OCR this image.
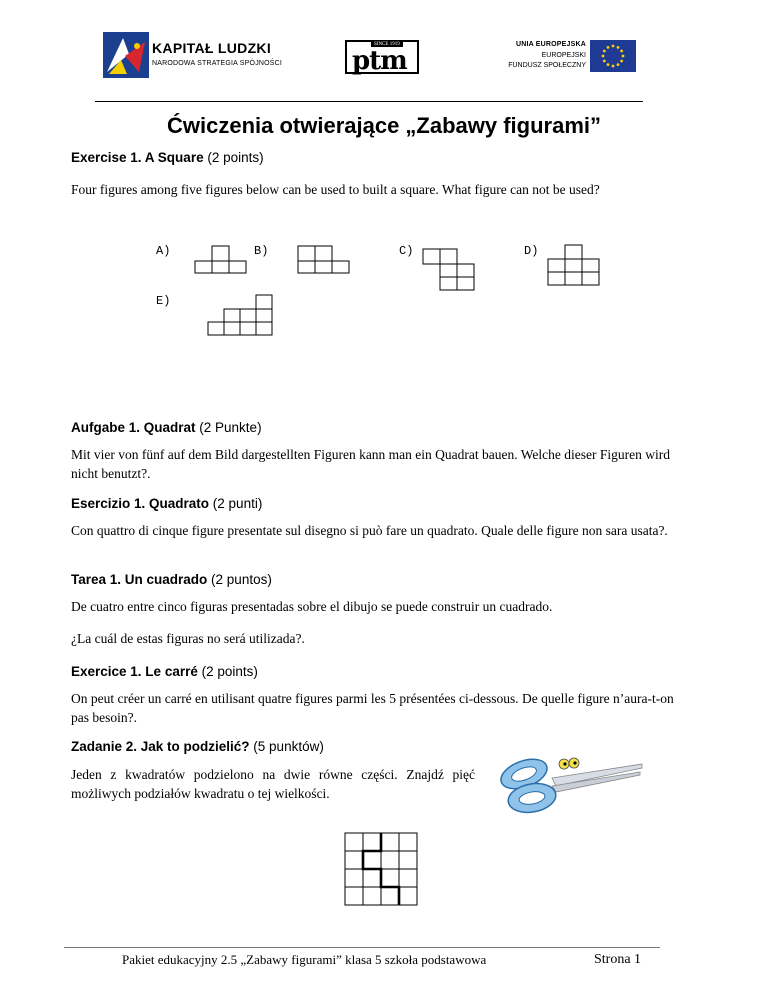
KAPITAŁ LUDZKI
NARODOWA STRATEGIA SPÓJNOŚCI
SINCE 1919
ptm
UNIA EUROPEJSKA
EUROPEJSKI
FUNDUSZ SPOŁECZNY
Ćwiczenia otwierające „Zabawy figurami”
Exercise 1. A Square (2 points)
Four figures among five figures below can be used to built a square. What figure can not be used?
A)	B)	C)	D)
E)
Aufgabe 1. Quadrat (2 Punkte)
Mit vier von fünf auf dem Bild dargestellten Figuren kann man ein Quadrat bauen. Welche dieser Figuren wird nicht benutzt?.
Esercizio 1. Quadrato (2 punti)
Con quattro di cinque figure presentate sul disegno si può fare un quadrato. Quale delle figure non sara usata?.
Tarea 1. Un cuadrado (2 puntos)
De cuatro entre cinco figuras presentadas sobre el dibujo se puede construir un cuadrado.
¿La cuál de estas figuras no será utilizada?.
Exercice 1. Le carré (2 points)
On peut créer un carré en utilisant quatre figures parmi les 5 présentées ci-dessous. De quelle figure n’aura-t-on pas besoin?.
Zadanie 2. Jak to podzielić? (5 punktów)
Jeden z kwadratów podzielono na dwie równe części. Znajdź pięć możliwych podziałów kwadratu o tej wielkości.
Pakiet edukacyjny 2.5 „Zabawy figurami” klasa 5 szkoła podstawowa	Strona 1
